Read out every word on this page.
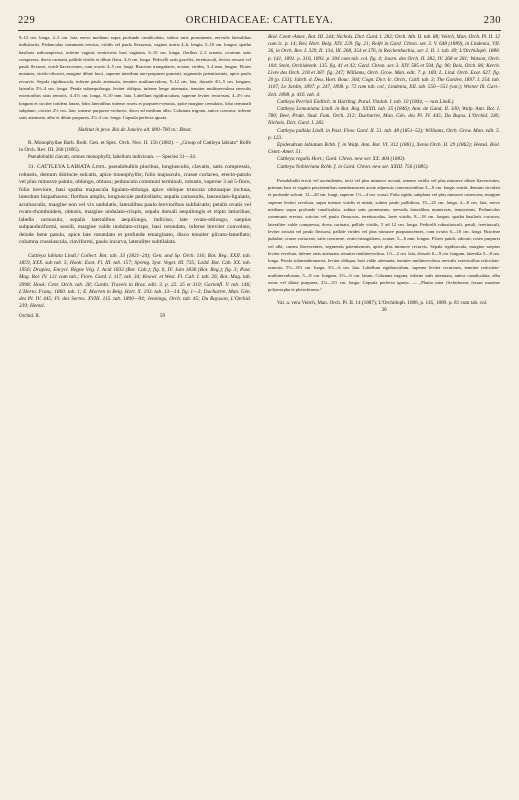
229	ORCHIDACEAE: CATTLEYA.	230

9–12 cm. longa, 2–3 cm. lata, nervo mediano supra profunde canaliculato, subtus satis prominente, nervulis lateralibus indistinctis. Pedunculus communis erectus, viridis vel paulo flexuosus, vaginis acutis 4–6, longis, 5–10 cm. longus; spatha basilaris subcompressa, inferne vaginis ventricosis basi vaginata, 6–10 cm. longa; floribus 2–5 ornatis; ovarium satis compressa, dorso carinata, pallide viridis et dilute flava, 4–6 cm. longa. Pedicelli satis graciles, teretiusculi, leviter arcuati vel paulo flexuosi, viridi-flavescentes, cum ovario 4–5 cm. longi. Bracteae triangulares, acutae, virides, 3–4 mm. longae. Flores nutantes, virido-olivacei, margine dilute fusci, superne interdum atro-purpureo punctati, segmentis patentissimis, apice paulo recurvis. Sepala rigidiuscula, inferne paulo attenuata, tenuiter multinervulosa, 9–12 cm. lata, dorsale 4½–5 cm. longum, lateralia 3½–4 cm. longa. Petala subaequilonga, leviter obliqua, inferne longe attenuata, tenuiter multinervulosa nervulis exterioribus satis remotis, 4–4½ cm. longa, 8–10 mm. lata. Labellum rigidiusculum, superne leviter recurvum, 4–4½ cm. longum et circiter totidem latum, lobis lateralibus intense roseis et purpureo-venosis, apice margine crenulatis, lobo terminali subplano, circiter 2½ cm. lato, intense purpureo-violaceo, disco ad medium albo. Columna trigona, antice concava, inferne satis attenuata, albo et dilute purpurea, 2½–3 cm. longa. Capsula perfecta ignota.

Habitat in prov. Rio de Janeiro alt. 800–700 m.: Binot.

B. Monophyllae Barb. Rodr. Gen. et Spec. Orch. Nov. II. 156 (1882). – „Group of Cattleya labiata“ Rolfe in Orch. Rev. III. 268 (1895).

Pseudobulbi clavati, omnes monophylli; labellum indivisum. — Species 31—34.

31. CATTLEYA LABIATA Lindl. pseudobulbis pluribus, longiusculis, clavatis, satis compressis, robustis, demum distincte sulcatis, apice monophyllis; folio majusculo, crasse coriaceo, erecto-patulo vel plus minusve patulo, oblongo, obtuso; pedunculo communi terminali, robusto, superne 3 ad 5-floro, folio breviore, basi spatha majuscula ligulato-oblonga apice oblique truncata obtusaque inclusa, interdum bispathaceo; floribus amplis, longiuscule pedicellatis; sepalis carnosulis, lanceolato-ligulatis, acutiusculis, margine non vel vix undulatis, lateralibus paulo brevioribus subfalcatis; petalis ovatis vel ovato-rhomboideis, obtusis, margine undulato-crispis, sepalo dorsali aequilongis et triplo latioribus; labello carnosulo, sepalis lateralibus aequilongo, indiviso, late ovato-oblongo, saepius subpanduriformi, sessili, margine valde undulato-crispo, basi rotundato, inferne breviter convoluto, deinde bene patulo, apice late rotundato et profunde emarginato, disco tenuiter plicato-lamellato; columna crassiuscula, claviformi, paulo incurva, lateraliter subtilalata.

Cattleya labiata Lindl.! Collect. Bot. tab. 33 (1821–24); Gen. and Sp. Orch. 116; Bot. Reg. XXII. tab. 1859, XXX. sub tab. 5; Hook: Exot. Fl. III. tab. 157; Spreng. Syst. Veget. III. 735; Lodd. Bot. Cab. XX. tab. 1956; Drapiez, Encycl. Règne Vég. I. Acid 1833 (Bot. Cab.); fig. 6, IV. Juin 1836 (Bot. Reg.); fig. 3; Paxt. Mag. Bot. IV. 121 cum tab.; Flore. Gard. I. 117, tab. 34; Knowl. et West. Fl. Cab. I. tab. 26; Bot. Mag. tab. 3998; Hook. Cent. Orch. tab. 28; Gardn. Travels in Braz. edit. 3. p. 22. 25 et 310; Gartenfl. V. tab. 146; L'Horto. Franç. 1860. tab. 1; E. Morren in Belg. Hort. X. 193. tab. 13—14. fig. 1—3; Duchartre, Man. Gén. des Pl. IV. 445; Fl. des Serres. XVIII. 115. tab. 1890—94; Jennings, Orch. tab. 45; Du Buysson, L'Orchid. 239; Hemsl.

Orchid. II.	59

Biol. Centr.-Amer., Bot. III. 244; Nichols. Dict. Gard. I. 282; Orch. Alb. II. tab. 88; Veitch, Man. Orch. Pl. II. 12 cum ic. p. 14; Rev. Hort. Belg. XIV. 229. fig. 21; Rolfe in Gard. Chron. ser. 3. V. 648 (1889), in Lindenia, VII. 36, in Orch. Rev. I. 329, II. 134, III. 268, 354 et 376, in Reichenbachia, ser. 2. II. 1. tab. 49; L'Orchidoph. 1888. p. 141, 1891. p. 310, 1893. p. 304 cum tab. col. fig. 4; Journ. des Orch. II. 382, IV. 268 et 281; Watson, Orch. 104; Stein, Orchideenb. 135. fig. 41 et 42; Gard. Chron. ser. 3. XIV. 585 et 594. fig. 96; Bois, Orch. 86; Kerch. Livre des Orch. 218 et 387. fig. 247; Williams, Orch. Grow. Man. edit. 7. p. 169; L. Lind. Orch. Exot. 627. fig. 20 (p. 133); Jahrb. d. Deu. Hort. Bouc. 304; Cogn. Dict. Ic. Orch., Catll. tab. 3; The Garden, 1897. I. 254. tab. 1107; Le Jardin, 1897. p. 247, 1898. p. 72 cum tab. col.; Lindenia, XII. tab. 550—551 (var.); Wiener Ill. Gart.-Zeit. 1898. p. 416. tab. 4.

Cattleya Perrinii Endlich. in Hartling. Paral. Vindob. I. tab. 10 (1844, — non Lindl.).

Cattleya Lemoniana Lindl. in Bot. Reg. XXXII. tab. 35 (1846); Ann. de Gand, II. 330; Walp. Ann. Bot. I. 780; Beer, Prakt. Stud. Fam. Orch. 212; Duchartre, Man. Gén. des Pl. IV. 445; Du Buyss. L'Orchid. 240; Nichols. Dict. Gard. I. 282.

Cattleya pallida Lindl. in Paxt. Flow. Gard. II. 51. tab. 48 (1851–52); Williams, Orch. Grow. Man. edit. 5. p. 123.

Epidendrum labiatum Rchb. f. in Walp. Ann. Bot. VI. 312 (1861), Xenia Orch. II. 29 (1862); Hemsl. Biol. Centr.-Amer. 51.

Cattleya regalis Hort.; Gard. Chron. new ser. XX. 404 (1883).

Cattleya Nobleriana Rchb. f. in Gard. Chron. new ser. XXIII. 756 (1885).

Pseudobulbi erecti vel ascendentes, recti vel plus minusve arcuati, intense viridis vel plus minusve dilute flavescentes, primum basi et vaginis persistentibus membranaceis acute adpressis cinerascentibus 3—8 cm. longis vestiti, demum circulati et profunde sulcati, 12—20 cm. longi, superne 1½—4 cm. crassi. Folia rigida, subplana vel plus minusve canescens, margine superne leviter revoluta, supra intense viridis et nitida, subtus paulo pallidiora, 15—25 cm. longa, 4—8 cm. lata, nervo mediano supra profunde canaliculato, subtus satis prominente, nervulis lateralibus numerosis, tenuissimis. Pedunculus communis erectus, strictus vel paulo flexuosus, teretiusculus, laete viridis, 8—18 cm. longus; spatha basilaris coriacea, lateraliter valde compressa, dorso carinata, pallide viridis, 5 ad 12 cm. longa. Pedicelli robustiusculi, patuli, teretiusculi, leviter arcuati vel paulo flexuosi, pallide virides vel plus minusve purpurascentes, cum ovario 6—10 cm. longi. Bracteae pubulae, crasse coriaceae, satis concavae, ovato-triangulares, acutae, 3—6 mm. longae. Flores patuli, odorati, roseo purpurei vel albi, carnea flavescentes, segmentis patentissimis, apice plus minusve recurvis. Sepala rigidiuscula, margine saepius leviter revoluta, inferne satis attenuata, tenuiter multinervulosa, 1½—2 cm. lata, dorsale 6—9 cm. longum, lateralia 5—8 cm. longa. Petala submembranacea, leviter obliqua, basi valde attenuata, tenuiter multinervulosa nervulis exterioribus reticulato-ramosis, 5½—8½ cm. longa, 3½—6 cm. lata. Labellum rigidiusculum, superne leviter recurvum, tenuiter reticulato-multinervulosum, 5—8 cm. longum, 3½—6 cm. latum. Columna trigona, inferne satis attenuata, antice canaliculata, alba extus vel dilute purpurea, 2½—3½ cm. longa. Capsula perfecta ignota. — „Planta inter Orchidaceas forsan maxime polymorpha et pleiochroma.“

Var. a. vera Veitch, Man. Orch. Pl. II. 14 (1887); L'Orchidoph. 1888, p. 145, 1889. p. 81 cum tab. col.

30
